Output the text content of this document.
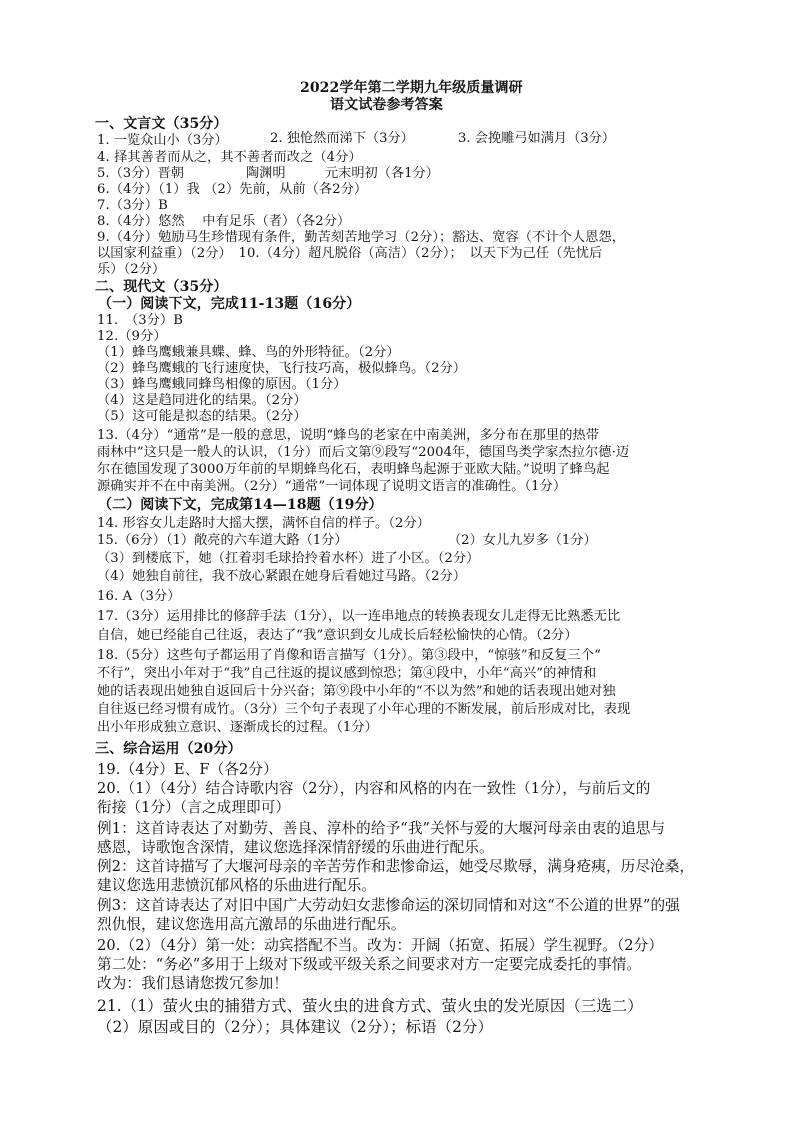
2022学年第二学期九年级质量调研
语文试卷参考答案
一、文言文（35分）
1. 一览众山小（3分）	2. 独怆然而涕下（3分）	3. 会挽雕弓如满月（3分）
4. 择其善者而从之，其不善者而改之（4分）
5.（3分）晋朝	陶渊明	元末明初（各1分）
6.（4分）（1）我 （2）先前，从前（各2分）
7.（3分）B
8.（4分）悠然 　中有足乐（者）（各2分）
9.（4分）勉励马生珍惜现有条件，勤苦刻苦地学习（2分）；豁达、宽容（不计个人恩怨，
以国家利益重）（2分）　10.（4分）超凡脱俗（高洁）（2分）；　以天下为己任（先忧后
乐）（2分）
二、现代文（35分）
（一）阅读下文，完成11-13题（16分）
11.　（3分）B
12.（9分）
（1）蜂鸟鹰蛾兼具蝶、蜂、鸟的外形特征。（2分）
（2）蜂鸟鹰蛾的飞行速度快，飞行技巧高，极似蜂鸟。（2分）
（3）蜂鸟鹰蛾同蜂鸟相像的原因。（1分）
（4）这是趋同进化的结果。（2分）
（5）这可能是拟态的结果。（2分）
13.（4分）“通常”是一般的意思，说明“蜂鸟的老家在中南美洲，多分布在那里的热带
雨林中”这只是一般人的认识，（1分）而后文第⑨段写“2004年，德国鸟类学家杰拉尔德·迈
尔在德国发现了3000万年前的早期蜂鸟化石，表明蜂鸟起源于亚欧大陆。”说明了蜂鸟起
源确实并不在中南美洲。（2分）“通常”一词体现了说明文语言的准确性。（1分）
（二）阅读下文，完成第14—18题（19分）
14. 形容女儿走路时大摇大摆，满怀自信的样子。（2分）
15.（6分）（1）敞亮的六车道大路（1分）	（2）女儿九岁多（1分）
（3）到楼底下，她（扛着羽毛球拾拎着水杯）进了小区。（2分）
（4）她独自前往，我不放心紧跟在她身后看她过马路。（2分）
16. A（3分）
17.（3分）运用排比的修辞手法（1分），以一连串地点的转换表现女儿走得无比熟悉无比
自信，她已经能自己往返，表达了“我”意识到女儿成长后轻松愉快的心情。（2分）
18.（5分）这些句子都运用了肖像和语言描写（1分）。第③段中，“惊骇”和反复三个“
不行”，突出小年对于“我”自己往返的提议感到惊恐；第④段中，小年“高兴”的神情和
她的话表现出她独自返回后十分兴奋；第⑨段中小年的“不以为然”和她的话表现出她对独
自往返已经习惯有成竹。（3分）三个句子表现了小年心理的不断发展，前后形成对比，表现
出小年形成独立意识、逐渐成长的过程。（1分）
三、综合运用（20分）
19.（4分）E、F（各2分）
20.（1）（4分）结合诗歌内容（2分），内容和风格的内在一致性（1分），与前后文的
衔接（1分）（言之成理即可）
例1：这首诗表达了对勤劳、善良、淳朴的给予“我”关怀与爱的大堰河母亲由衷的追思与
感恩，诗歌饱含深情，建议您选择深情舒缓的乐曲进行配乐。
例2：这首诗描写了大堰河母亲的辛苦劳作和悲惨命运，她受尽欺辱，满身疮痍，历尽沧桑，
建议您选用悲愤沉郁风格的乐曲进行配乐。
例3：这首诗表达了对旧中国广大劳动妇女悲惨命运的深切同情和对这“不公道的世界”的强
烈仇恨，建议您选用高亢激昂的乐曲进行配乐。
20.（2）（4分）第一处：动宾搭配不当。改为：开阔（拓宽、拓展）学生视野。（2分）
第二处：“务必”多用于上级对下级或平级关系之间要求对方一定要完成委托的事情。
改为：我们恳请您拨冗参加！
21.（1）萤火虫的捕猎方式、萤火虫的进食方式、萤火虫的发光原因（三选二）
（2）原因或目的（2分）；具体建议（2分）；标语（2分）
